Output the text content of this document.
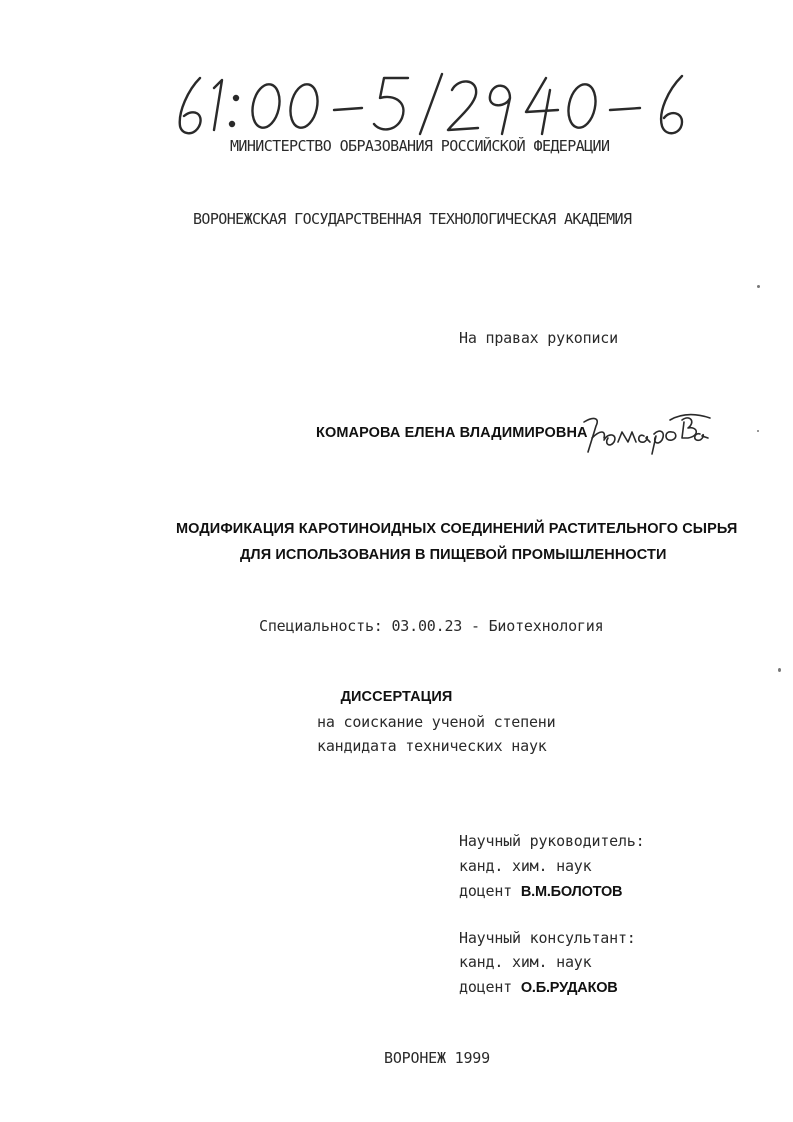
МИНИСТЕРСТВО ОБРАЗОВАНИЯ РОССИЙСКОЙ ФЕДЕРАЦИИ
ВОРОНЕЖСКАЯ ГОСУДАРСТВЕННАЯ ТЕХНОЛОГИЧЕСКАЯ АКАДЕМИЯ
На правах рукописи
КОМАРОВА ЕЛЕНА ВЛАДИМИРОВНА
МОДИФИКАЦИЯ КАРОТИНОИДНЫХ СОЕДИНЕНИЙ РАСТИТЕЛЬНОГО СЫРЬЯ
ДЛЯ ИСПОЛЬЗОВАНИЯ В ПИЩЕВОЙ ПРОМЫШЛЕННОСТИ
Специальность: 03.00.23 - Биотехнология
ДИССЕРТАЦИЯ
на соискание ученой степени
кандидата технических наук
Научный руководитель:
канд. хим. наук
доцент В.М.БОЛОТОВ
Научный консультант:
канд. хим. наук
доцент О.Б.РУДАКОВ
ВОРОНЕЖ 1999
